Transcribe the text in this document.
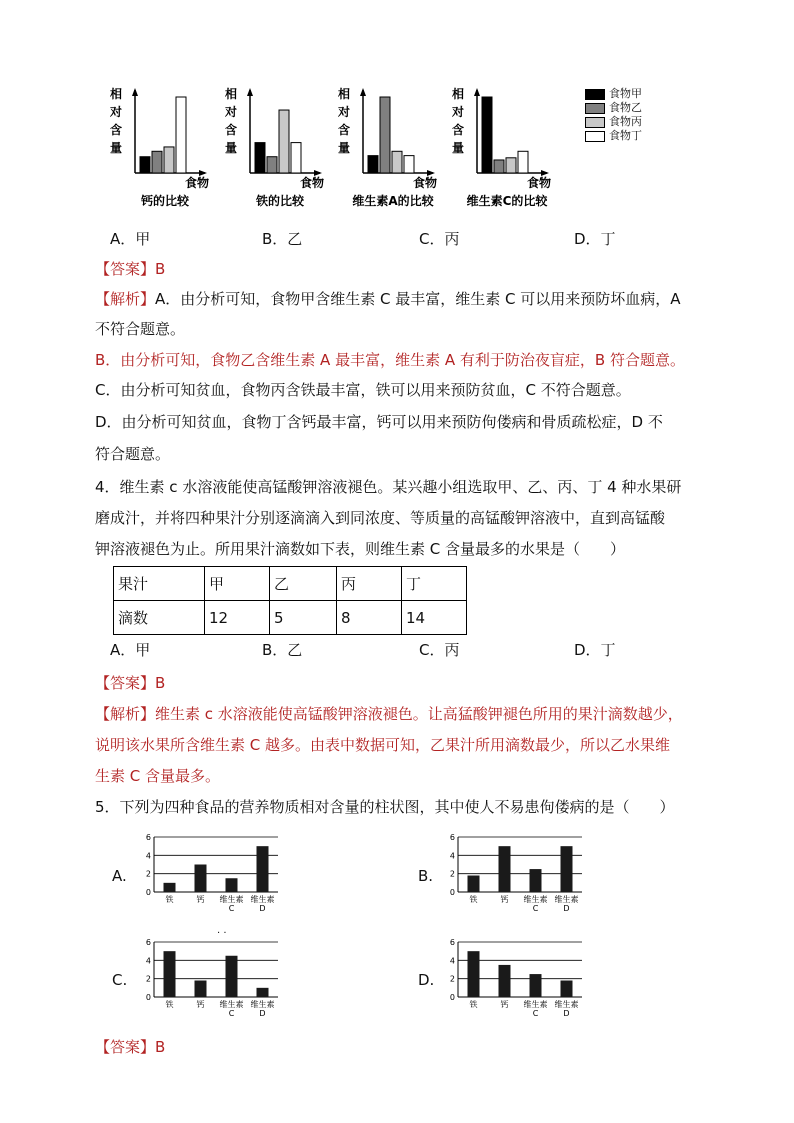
相
对
含
量
食物
钙的比较
相
对
含
量
食物
铁的比较
相
对
含
量
食物
维生素A的比较
相
对
含
量
食物
维生素C的比较
食物甲
食物乙
食物丙
食物丁
A．甲	B．乙	C．丙	D．丁
【答案】B
【解析】A．由分析可知，食物甲含维生素 C 最丰富，维生素 C 可以用来预防坏血病，A
不符合题意。
B．由分析可知，食物乙含维生素 A 最丰富，维生素 A 有利于防治夜盲症，B 符合题意。
C．由分析可知贫血，食物丙含铁最丰富，铁可以用来预防贫血，C 不符合题意。
D．由分析可知贫血，食物丁含钙最丰富，钙可以用来预防佝偻病和骨质疏松症，D 不
符合题意。
4．维生素 c 水溶液能使高锰酸钾溶液褪色。某兴趣小组选取甲、乙、丙、丁 4 种水果研
磨成汁，并将四种果汁分别逐滴滴入到同浓度、等质量的高锰酸钾溶液中，直到高锰酸
钾溶液褪色为止。所用果汁滴数如下表，则维生素 C 含量最多的水果是（　　）
果汁	甲	乙	丙	丁
滴数	12	5	8	14
A．甲	B．乙	C．丙	D．丁
【答案】B
【解析】维生素 c 水溶液能使高锰酸钾溶液褪色。让高猛酸钾褪色所用的果汁滴数越少，
说明该水果所含维生素 C 越多。由表中数据可知，乙果汁所用滴数最少，所以乙水果维
生素 C 含量最多。
5．下列为四种食品的营养物质相对含量的柱状图，其中使人不易患佝偻病的是（　　）
A.	B.
C.	D.
· ·
0
2
4
6
铁	钙 维生素
C
维生素
D
0
2
4
6
铁	钙 维生素
C
维生素
D
0
2
4
6
铁	钙 维生素
C
维生素
D
0
2
4
6
铁	钙 维生素
C
维生素
D
【答案】B
